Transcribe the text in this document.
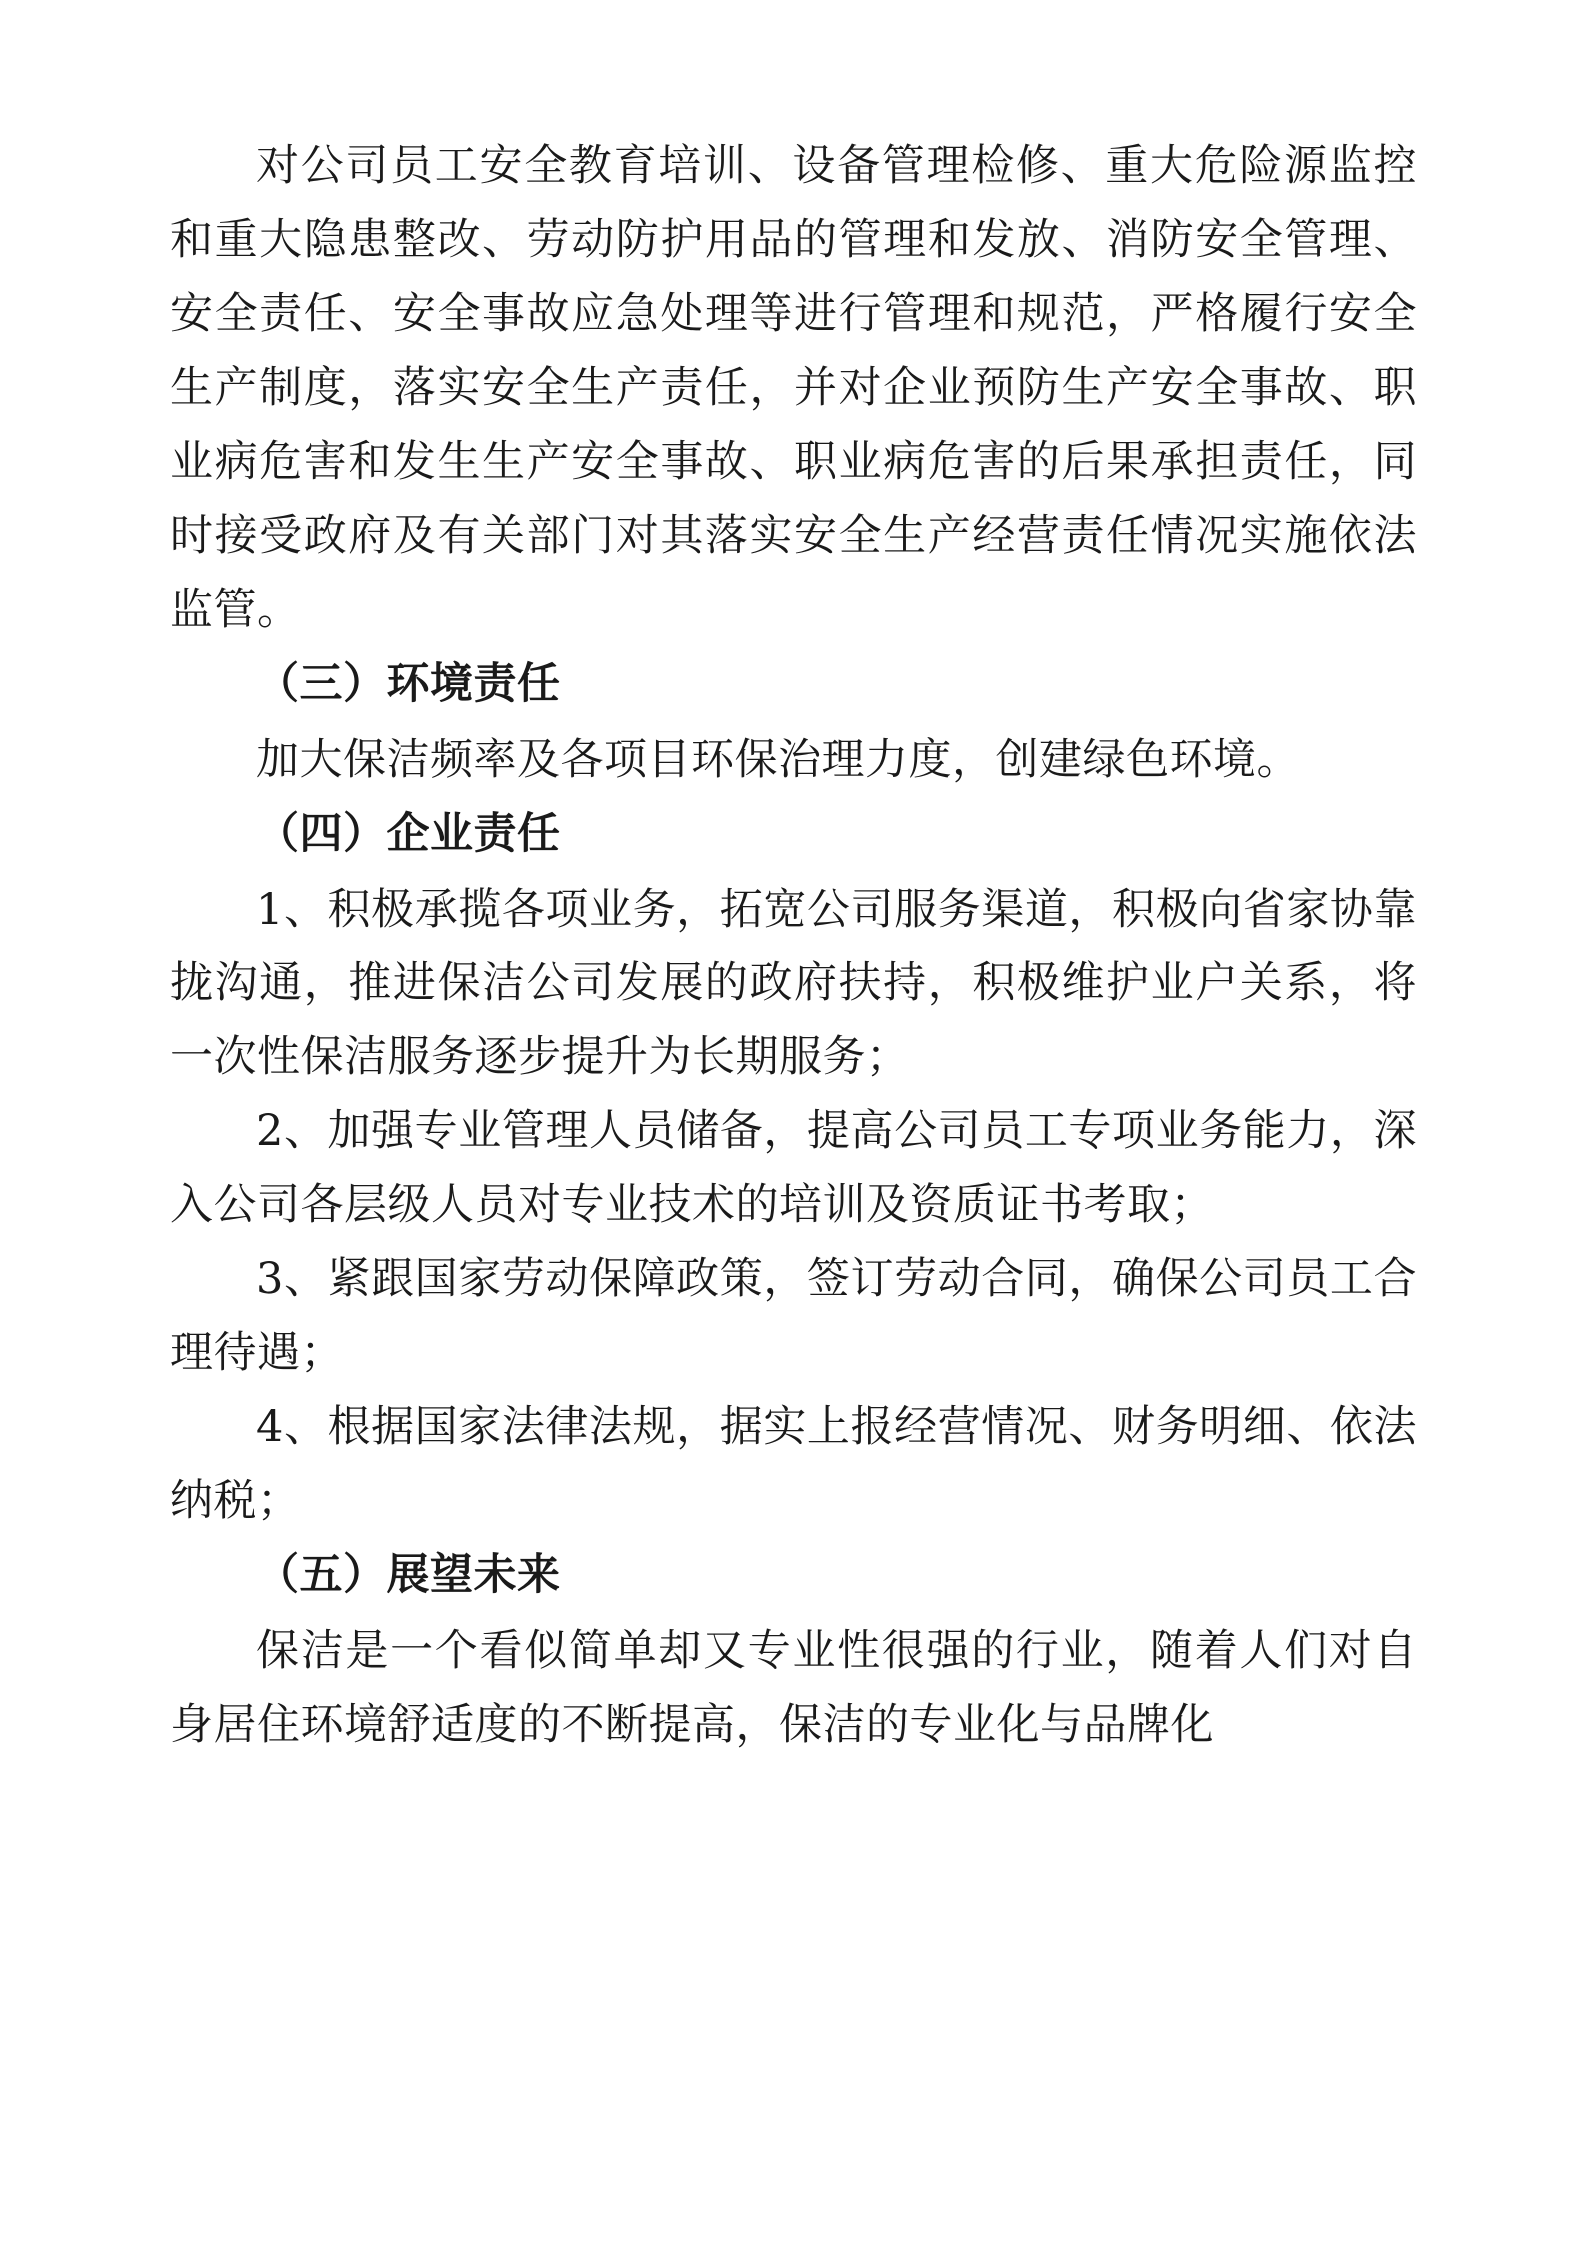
对公司员工安全教育培训、设备管理检修、重大危险源监控和重大隐患整改、劳动防护用品的管理和发放、消防安全管理、安全责任、安全事故应急处理等进行管理和规范，严格履行安全生产制度，落实安全生产责任，并对企业预防生产安全事故、职业病危害和发生生产安全事故、职业病危害的后果承担责任，同时接受政府及有关部门对其落实安全生产经营责任情况实施依法监管。

（三）环境责任

加大保洁频率及各项目环保治理力度，创建绿色环境。

（四）企业责任

1、积极承揽各项业务，拓宽公司服务渠道，积极向省家协靠拢沟通，推进保洁公司发展的政府扶持，积极维护业户关系，将一次性保洁服务逐步提升为长期服务；

2、加强专业管理人员储备，提高公司员工专项业务能力，深入公司各层级人员对专业技术的培训及资质证书考取；

3、紧跟国家劳动保障政策，签订劳动合同，确保公司员工合理待遇；

4、根据国家法律法规，据实上报经营情况、财务明细、依法纳税；

（五）展望未来

保洁是一个看似简单却又专业性很强的行业，随着人们对自身居住环境舒适度的不断提高，保洁的专业化与品牌化
